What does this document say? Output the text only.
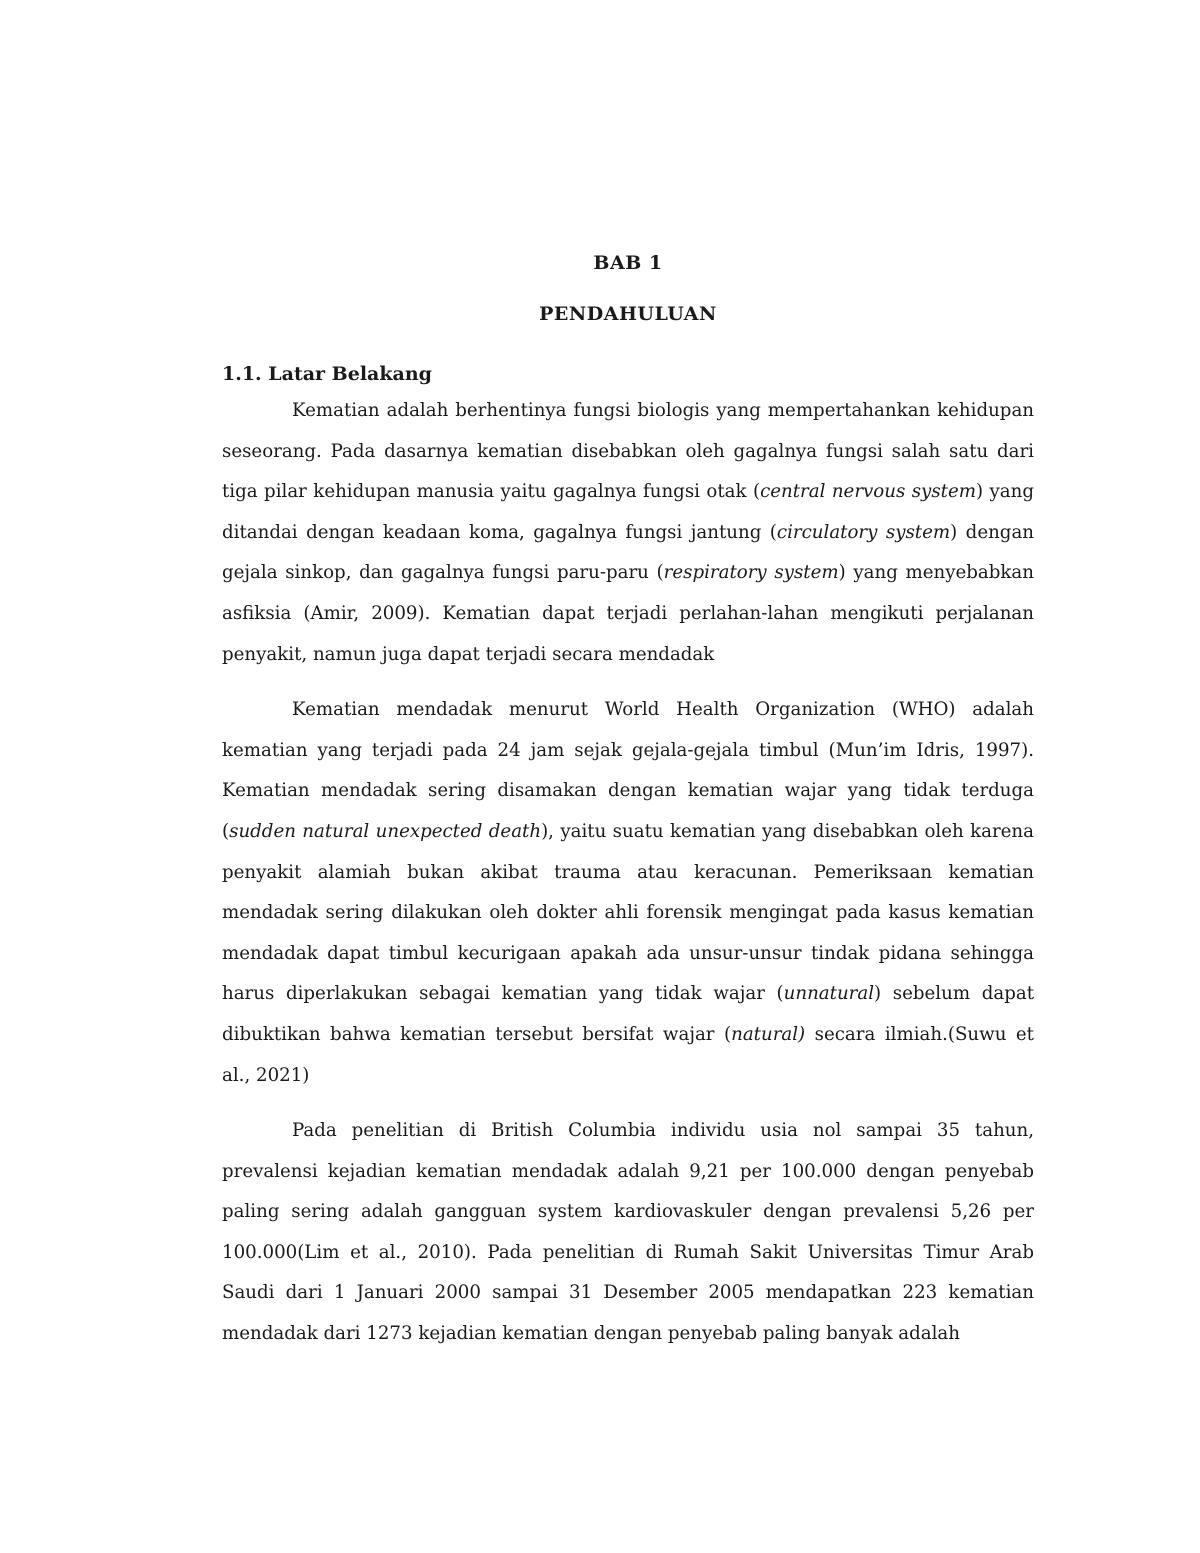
BAB 1
PENDAHULUAN
1.1. Latar Belakang

Kematian adalah berhentinya fungsi biologis yang mempertahankan kehidupan seseorang. Pada dasarnya kematian disebabkan oleh gagalnya fungsi salah satu dari tiga pilar kehidupan manusia yaitu gagalnya fungsi otak (central nervous system) yang ditandai dengan keadaan koma, gagalnya fungsi jantung (circulatory system) dengan gejala sinkop, dan gagalnya fungsi paru-paru (respiratory system) yang menyebabkan asfiksia (Amir, 2009). Kematian dapat terjadi perlahan-lahan mengikuti perjalanan penyakit, namun juga dapat terjadi secara mendadak

Kematian mendadak menurut World Health Organization (WHO) adalah kematian yang terjadi pada 24 jam sejak gejala-gejala timbul (Mun’im Idris, 1997). Kematian mendadak sering disamakan dengan kematian wajar yang tidak terduga (sudden natural unexpected death), yaitu suatu kematian yang disebabkan oleh karena penyakit alamiah bukan akibat trauma atau keracunan. Pemeriksaan kematian mendadak sering dilakukan oleh dokter ahli forensik mengingat pada kasus kematian mendadak dapat timbul kecurigaan apakah ada unsur-unsur tindak pidana sehingga harus diperlakukan sebagai kematian yang tidak wajar (unnatural) sebelum dapat dibuktikan bahwa kematian tersebut bersifat wajar (natural) secara ilmiah.(Suwu et al., 2021)

Pada penelitian di British Columbia individu usia nol sampai 35 tahun, prevalensi kejadian kematian mendadak adalah 9,21 per 100.000 dengan penyebab paling sering adalah gangguan system kardiovaskuler dengan prevalensi 5,26 per 100.000(Lim et al., 2010). Pada penelitian di Rumah Sakit Universitas Timur Arab Saudi dari 1 Januari 2000 sampai 31 Desember 2005 mendapatkan 223 kematian mendadak dari 1273 kejadian kematian dengan penyebab paling banyak adalah
